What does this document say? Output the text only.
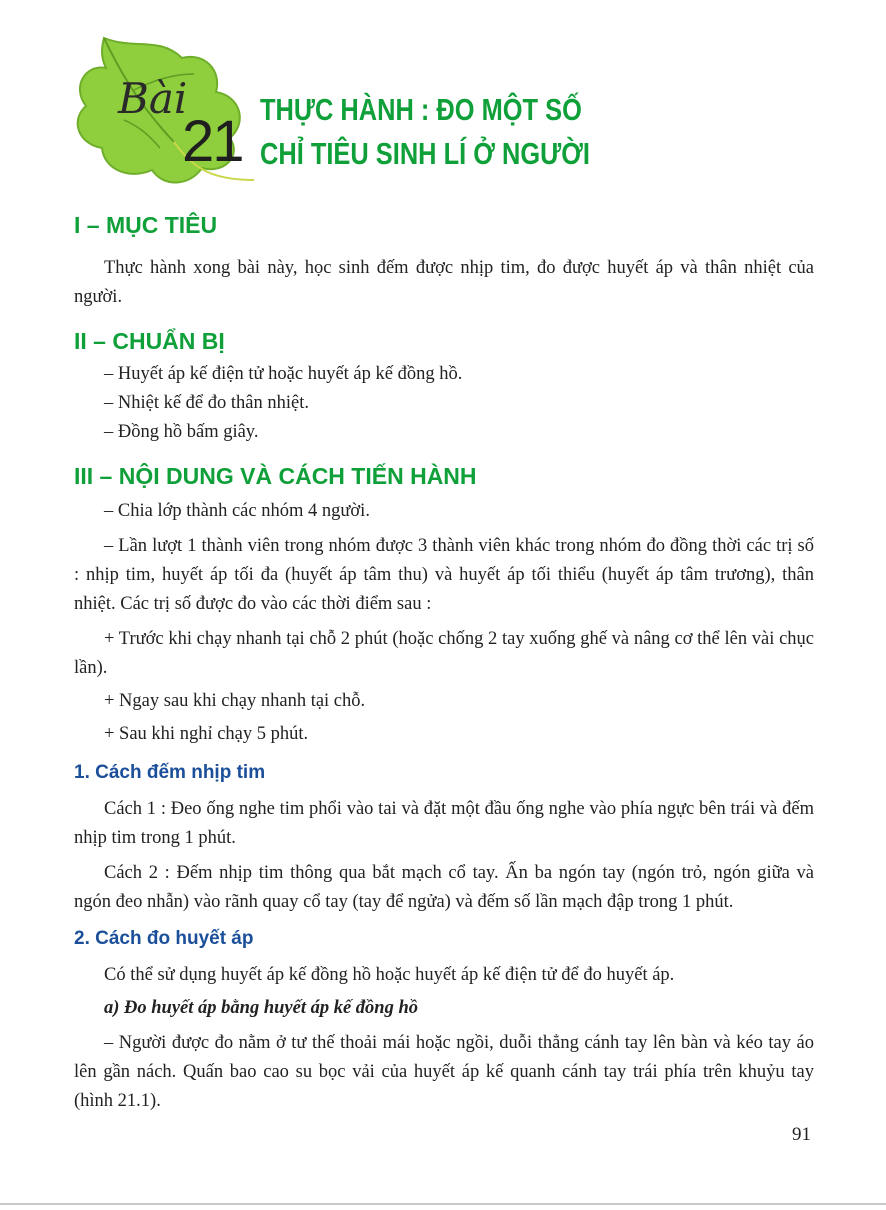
Bài
21 THỰC HÀNH : ĐO MỘT SỐ
CHỈ TIÊU SINH LÍ Ở NGƯỜI
I – MỤC TIÊU

Thực hành xong bài này, học sinh đếm được nhịp tim, đo được huyết áp và thân nhiệt của người.

II – CHUẨN BỊ

– Huyết áp kế điện tử hoặc huyết áp kế đồng hồ.

– Nhiệt kế để đo thân nhiệt.

– Đồng hồ bấm giây.

III – NỘI DUNG VÀ CÁCH TIẾN HÀNH

– Chia lớp thành các nhóm 4 người.

– Lần lượt 1 thành viên trong nhóm được 3 thành viên khác trong nhóm đo đồng thời các trị số : nhịp tim, huyết áp tối đa (huyết áp tâm thu) và huyết áp tối thiểu (huyết áp tâm trương), thân nhiệt. Các trị số được đo vào các thời điểm sau :

+ Trước khi chạy nhanh tại chỗ 2 phút (hoặc chống 2 tay xuống ghế và nâng cơ thể lên vài chục lần).

+ Ngay sau khi chạy nhanh tại chỗ.

+ Sau khi nghỉ chạy 5 phút.

1. Cách đếm nhịp tim

Cách 1 : Đeo ống nghe tim phổi vào tai và đặt một đầu ống nghe vào phía ngực bên trái và đếm nhịp tim trong 1 phút.

Cách 2 : Đếm nhịp tim thông qua bắt mạch cổ tay. Ấn ba ngón tay (ngón trỏ, ngón giữa và ngón đeo nhẫn) vào rãnh quay cổ tay (tay để ngửa) và đếm số lần mạch đập trong 1 phút.

2. Cách đo huyết áp

Có thể sử dụng huyết áp kế đồng hồ hoặc huyết áp kế điện tử để đo huyết áp.

a) Đo huyết áp bằng huyết áp kế đồng hồ

– Người được đo nằm ở tư thế thoải mái hoặc ngồi, duỗi thẳng cánh tay lên bàn và kéo tay áo lên gần nách. Quấn bao cao su bọc vải của huyết áp kế quanh cánh tay trái phía trên khuỷu tay (hình 21.1).

91
